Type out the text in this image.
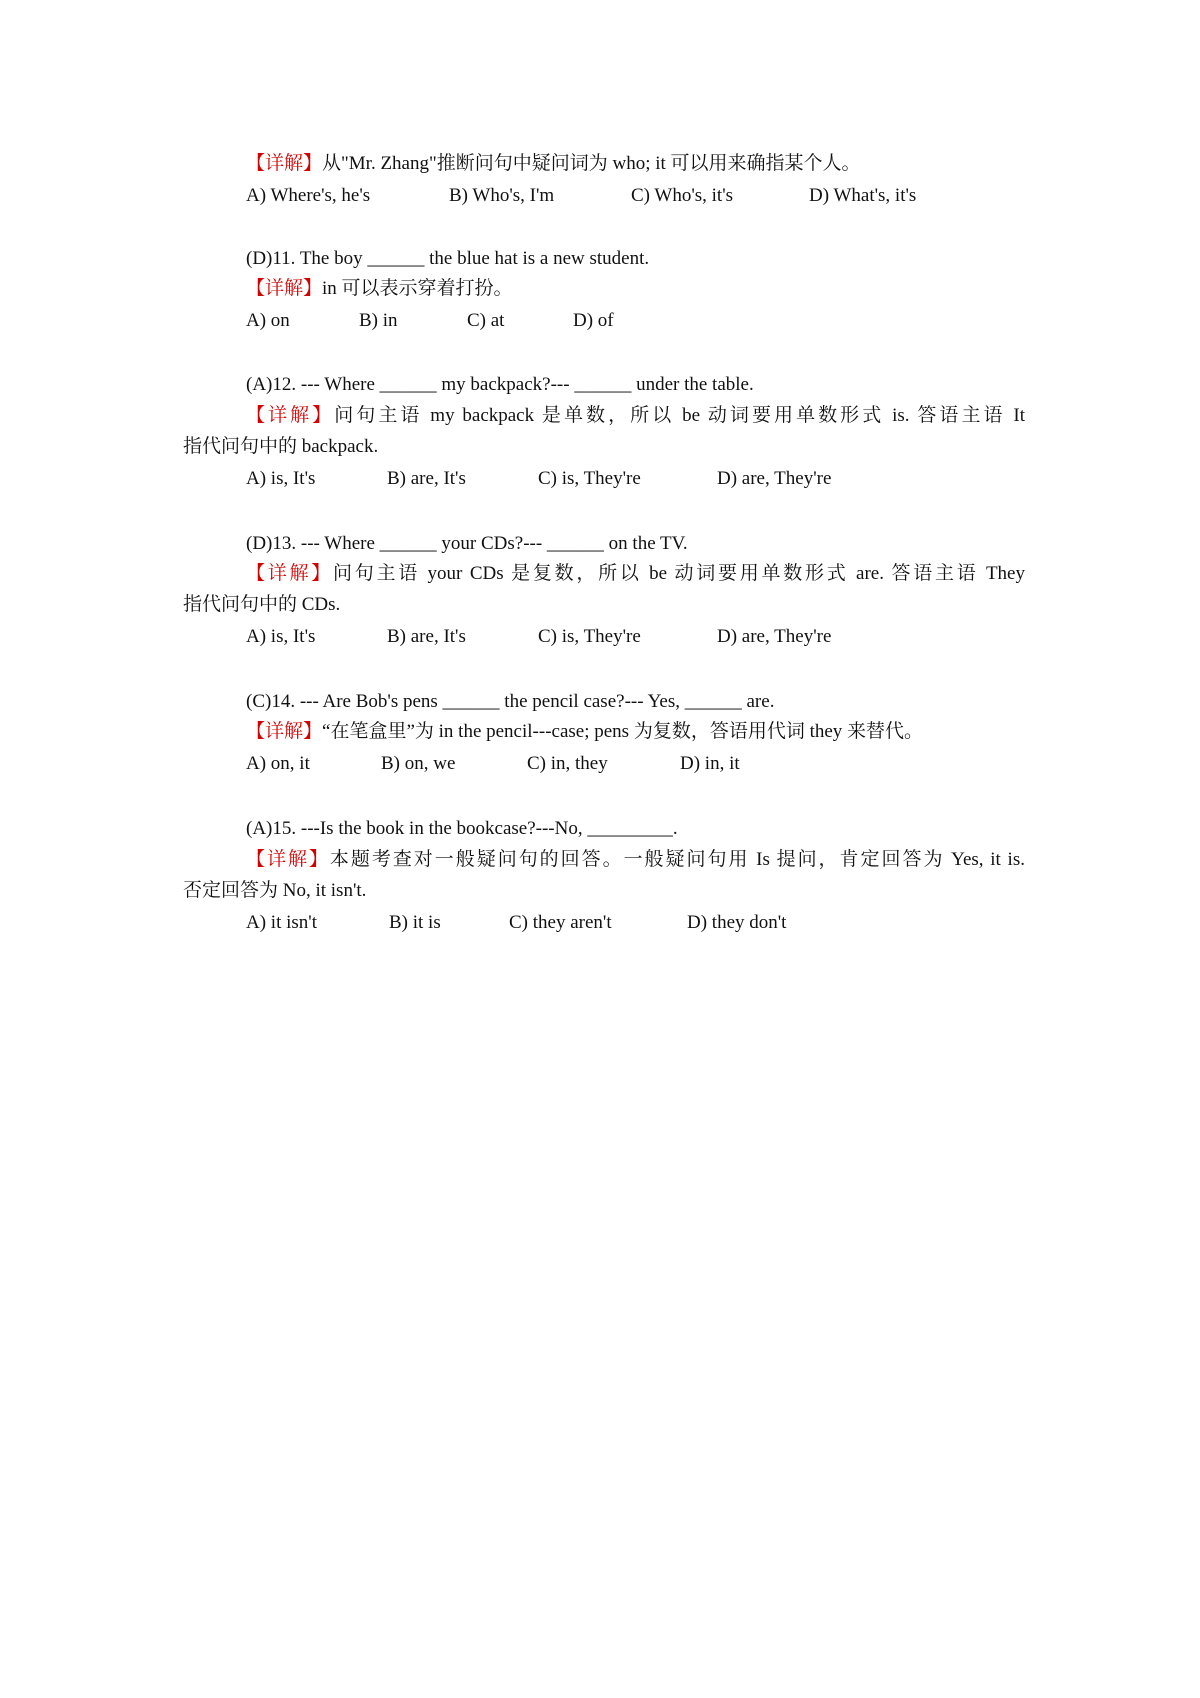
【详解】从"Mr. Zhang"推断问句中疑问词为 who; it 可以用来确指某个人。
A) Where's, he's	B) Who's, I'm	C) Who's, it's	D) What's, it's
(D)11. The boy ______ the blue hat is a new student.
【详解】in 可以表示穿着打扮。
A) on	B) in	C) at	D) of
(A)12. --- Where ______ my backpack?--- ______ under the table.
【详解】问句主语 my backpack 是单数，所以 be 动词要用单数形式 is. 答语主语 It
指代问句中的 backpack.
A) is, It's	B) are, It's	C) is, They're	D) are, They're
(D)13. --- Where ______ your CDs?--- ______ on the TV.
【详解】问句主语 your CDs 是复数，所以 be 动词要用单数形式 are. 答语主语 They
指代问句中的 CDs.
A) is, It's	B) are, It's	C) is, They're	D) are, They're
(C)14. --- Are Bob's pens ______ the pencil case?--- Yes, ______ are.
【详解】“在笔盒里”为 in the pencil---case; pens 为复数，答语用代词 they 来替代。
A) on, it	B) on, we	C) in, they	D) in, it
(A)15. ---Is the book in the bookcase?---No, _________.
【详解】本题考查对一般疑问句的回答。一般疑问句用 Is 提问，肯定回答为 Yes, it is.
否定回答为 No, it isn't.
A) it isn't	B) it is	C) they aren't	D) they don't
